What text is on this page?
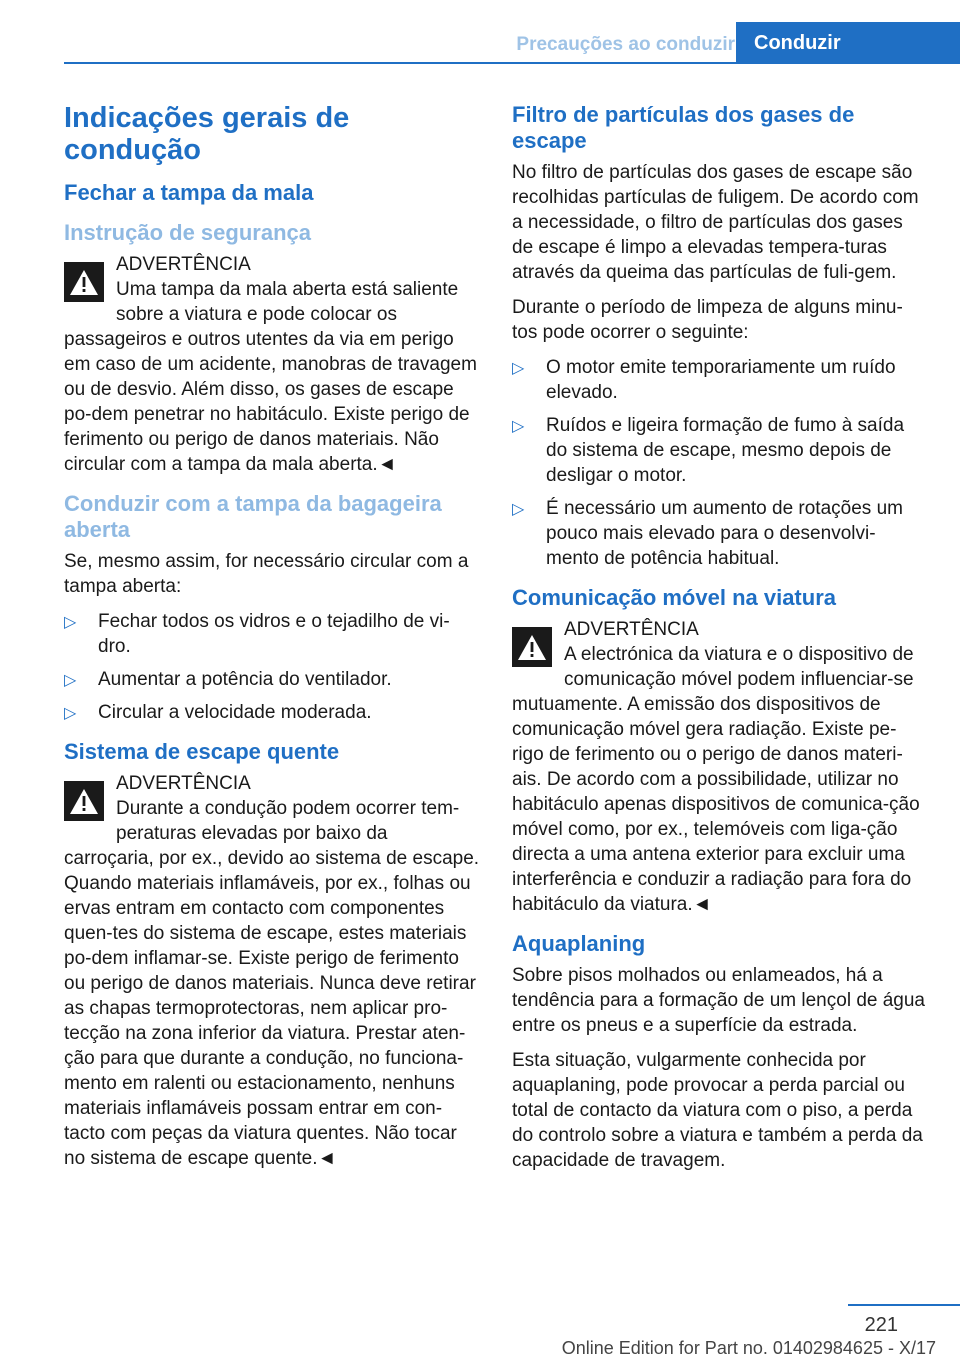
Precauções ao conduzir Conduzir
Indicações gerais de condução
Fechar a tampa da mala
Instrução de segurança
ADVERTÊNCIA
Uma tampa da mala aberta está saliente sobre a viatura e pode colocar os passageiros e outros utentes da via em perigo em caso de um acidente, manobras de travagem ou de desvio. Além disso, os gases de escape po-dem penetrar no habitáculo. Existe perigo de ferimento ou perigo de danos materiais. Não circular com a tampa da mala aberta.◄
Conduzir com a tampa da bagageira aberta

Se, mesmo assim, for necessário circular com a tampa aberta:

▷ Fechar todos os vidros e o tejadilho de vi-dro.
▷ Aumentar a potência do ventilador.
▷ Circular a velocidade moderada.
Sistema de escape quente
ADVERTÊNCIA
Durante a condução podem ocorrer tem-peraturas elevadas por baixo da carroçaria, por ex., devido ao sistema de escape. Quando materiais inflamáveis, por ex., folhas ou ervas entram em contacto com componentes quen-tes do sistema de escape, estes materiais po-dem inflamar-se. Existe perigo de ferimento ou perigo de danos materiais. Nunca deve retirar as chapas termoprotectoras, nem aplicar pro-tecção na zona inferior da viatura. Prestar aten-ção para que durante a condução, no funciona-mento em ralenti ou estacionamento, nenhuns materiais inflamáveis possam entrar em con-tacto com peças da viatura quentes. Não tocar no sistema de escape quente.◄
Filtro de partículas dos gases de escape

No filtro de partículas dos gases de escape são recolhidas partículas de fuligem. De acordo com a necessidade, o filtro de partículas dos gases de escape é limpo a elevadas tempera-turas através da queima das partículas de fuli-gem.

Durante o período de limpeza de alguns minu-tos pode ocorrer o seguinte:

▷ O motor emite temporariamente um ruído elevado.
▷ Ruídos e ligeira formação de fumo à saída do sistema de escape, mesmo depois de desligar o motor.
▷ É necessário um aumento de rotações um pouco mais elevado para o desenvolvi-mento de potência habitual.
Comunicação móvel na viatura
ADVERTÊNCIA
A electrónica da viatura e o dispositivo de comunicação móvel podem influenciar-se mutuamente. A emissão dos dispositivos de comunicação móvel gera radiação. Existe pe-rigo de ferimento ou o perigo de danos materi-ais. De acordo com a possibilidade, utilizar no habitáculo apenas dispositivos de comunica-ção móvel como, por ex., telemóveis com liga-ção directa a uma antena exterior para excluir uma interferência e conduzir a radiação para fora do habitáculo da viatura.◄
Aquaplaning

Sobre pisos molhados ou enlameados, há a tendência para a formação de um lençol de água entre os pneus e a superfície da estrada.

Esta situação, vulgarmente conhecida por aquaplaning, pode provocar a perda parcial ou total de contacto da viatura com o piso, a perda do controlo sobre a viatura e também a perda da capacidade de travagem.

221
Online Edition for Part no. 01402984625 - X/17
